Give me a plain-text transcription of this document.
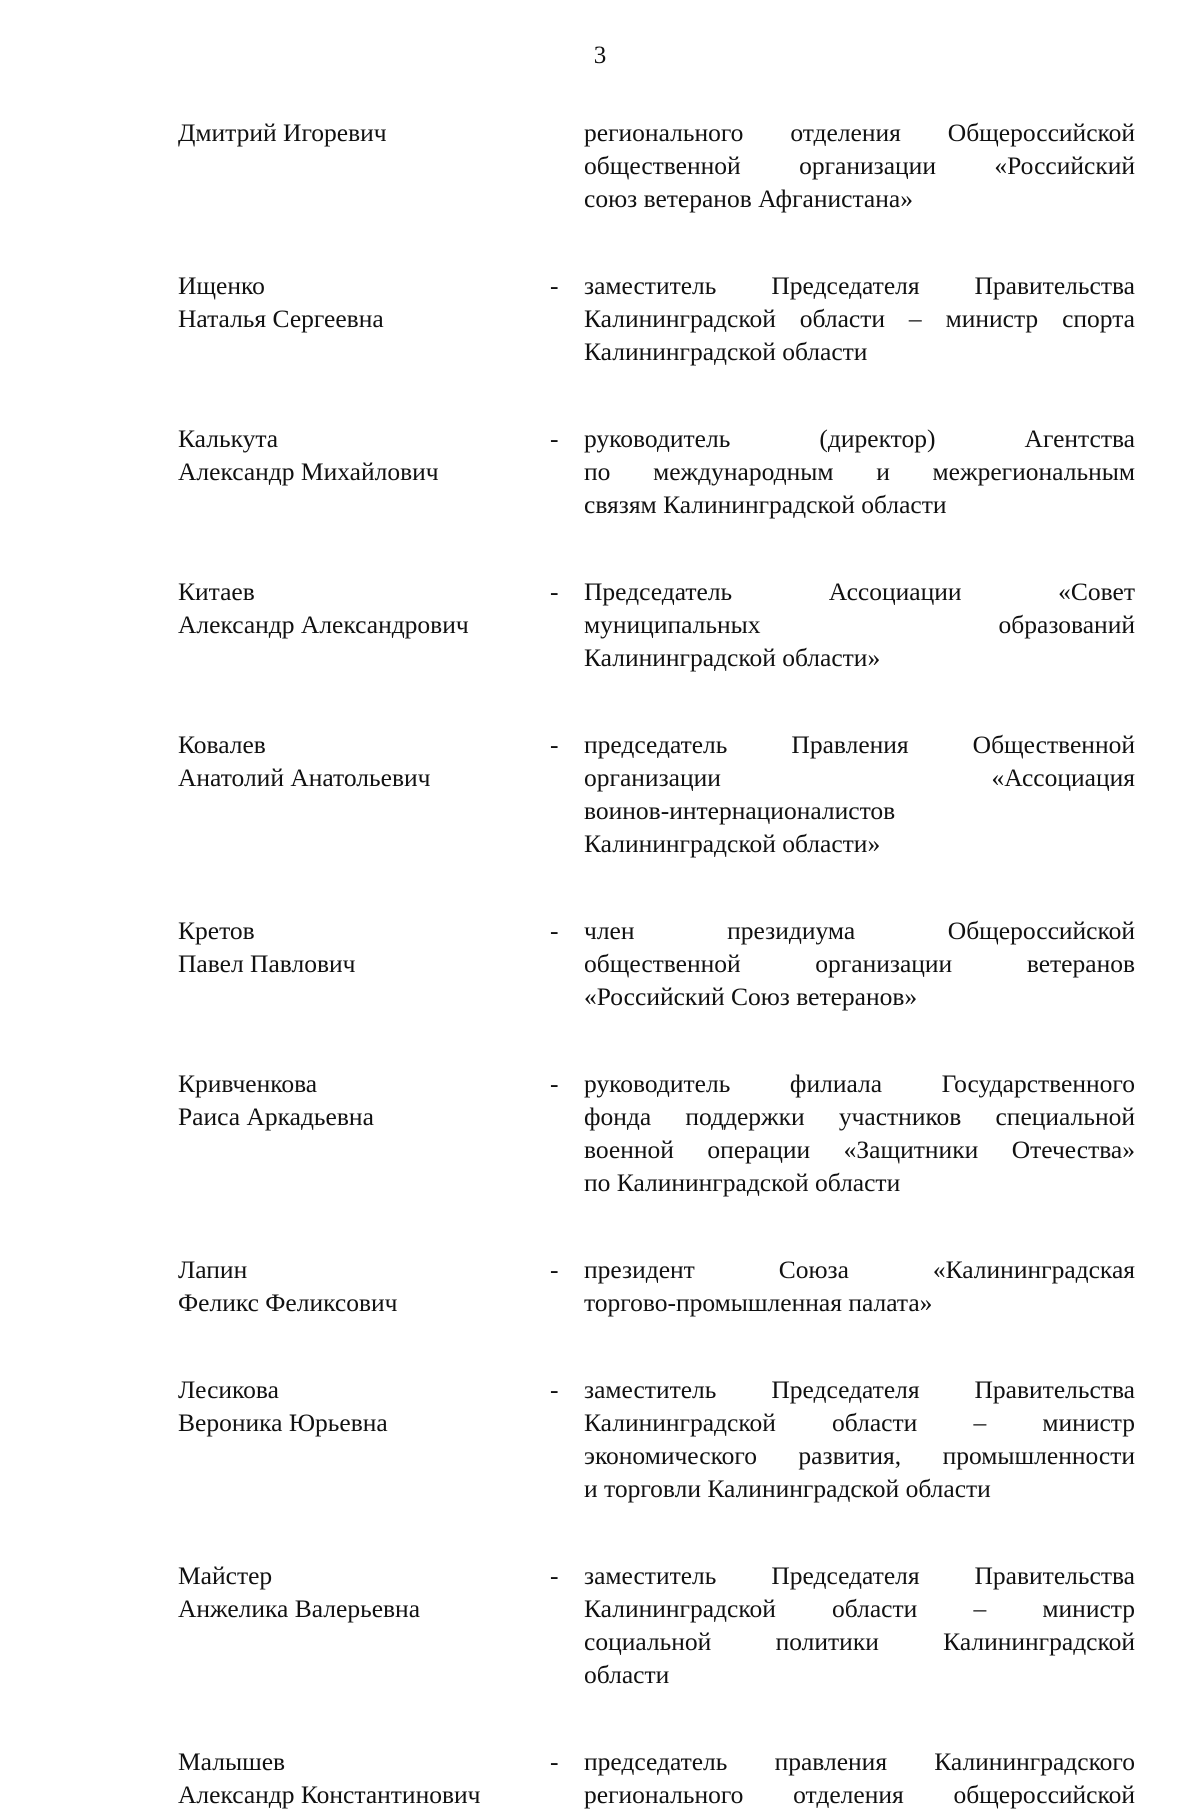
3
Дмитрий Игоревич	регионального отделения Общероссийской
общественной организации «Российский
союз ветеранов Афганистана»
Ищенко
Наталья Сергеевна
- заместитель Председателя Правительства
Калининградской области – министр спорта
Калининградской области
Калькута
Александр Михайлович
- руководитель (директор) Агентства
по международным и межрегиональным
связям Калининградской области
Китаев
Александр Александрович
- Председатель Ассоциации «Совет
муниципальных образований
Калининградской области»
Ковалев
Анатолий Анатольевич
- председатель Правления Общественной
организации «Ассоциация
воинов-интернационалистов
Калининградской области»
Кретов
Павел Павлович
- член президиума Общероссийской
общественной организации ветеранов
«Российский Союз ветеранов»
Кривченкова
Раиса Аркадьевна
- руководитель филиала Государственного
фонда поддержки участников специальной
военной операции «Защитники Отечества»
по Калининградской области
Лапин
Феликс Феликсович
- президент Союза «Калининградская
торгово-промышленная палата»
Лесикова
Вероника Юрьевна
- заместитель Председателя Правительства
Калининградской области – министр
экономического развития, промышленности
и торговли Калининградской области
Майстер
Анжелика Валерьевна
- заместитель Председателя Правительства
Калининградской области – министр
социальной политики Калининградской
области
Малышев
Александр Константинович
- председатель правления Калининградского
регионального отделения общероссийской
